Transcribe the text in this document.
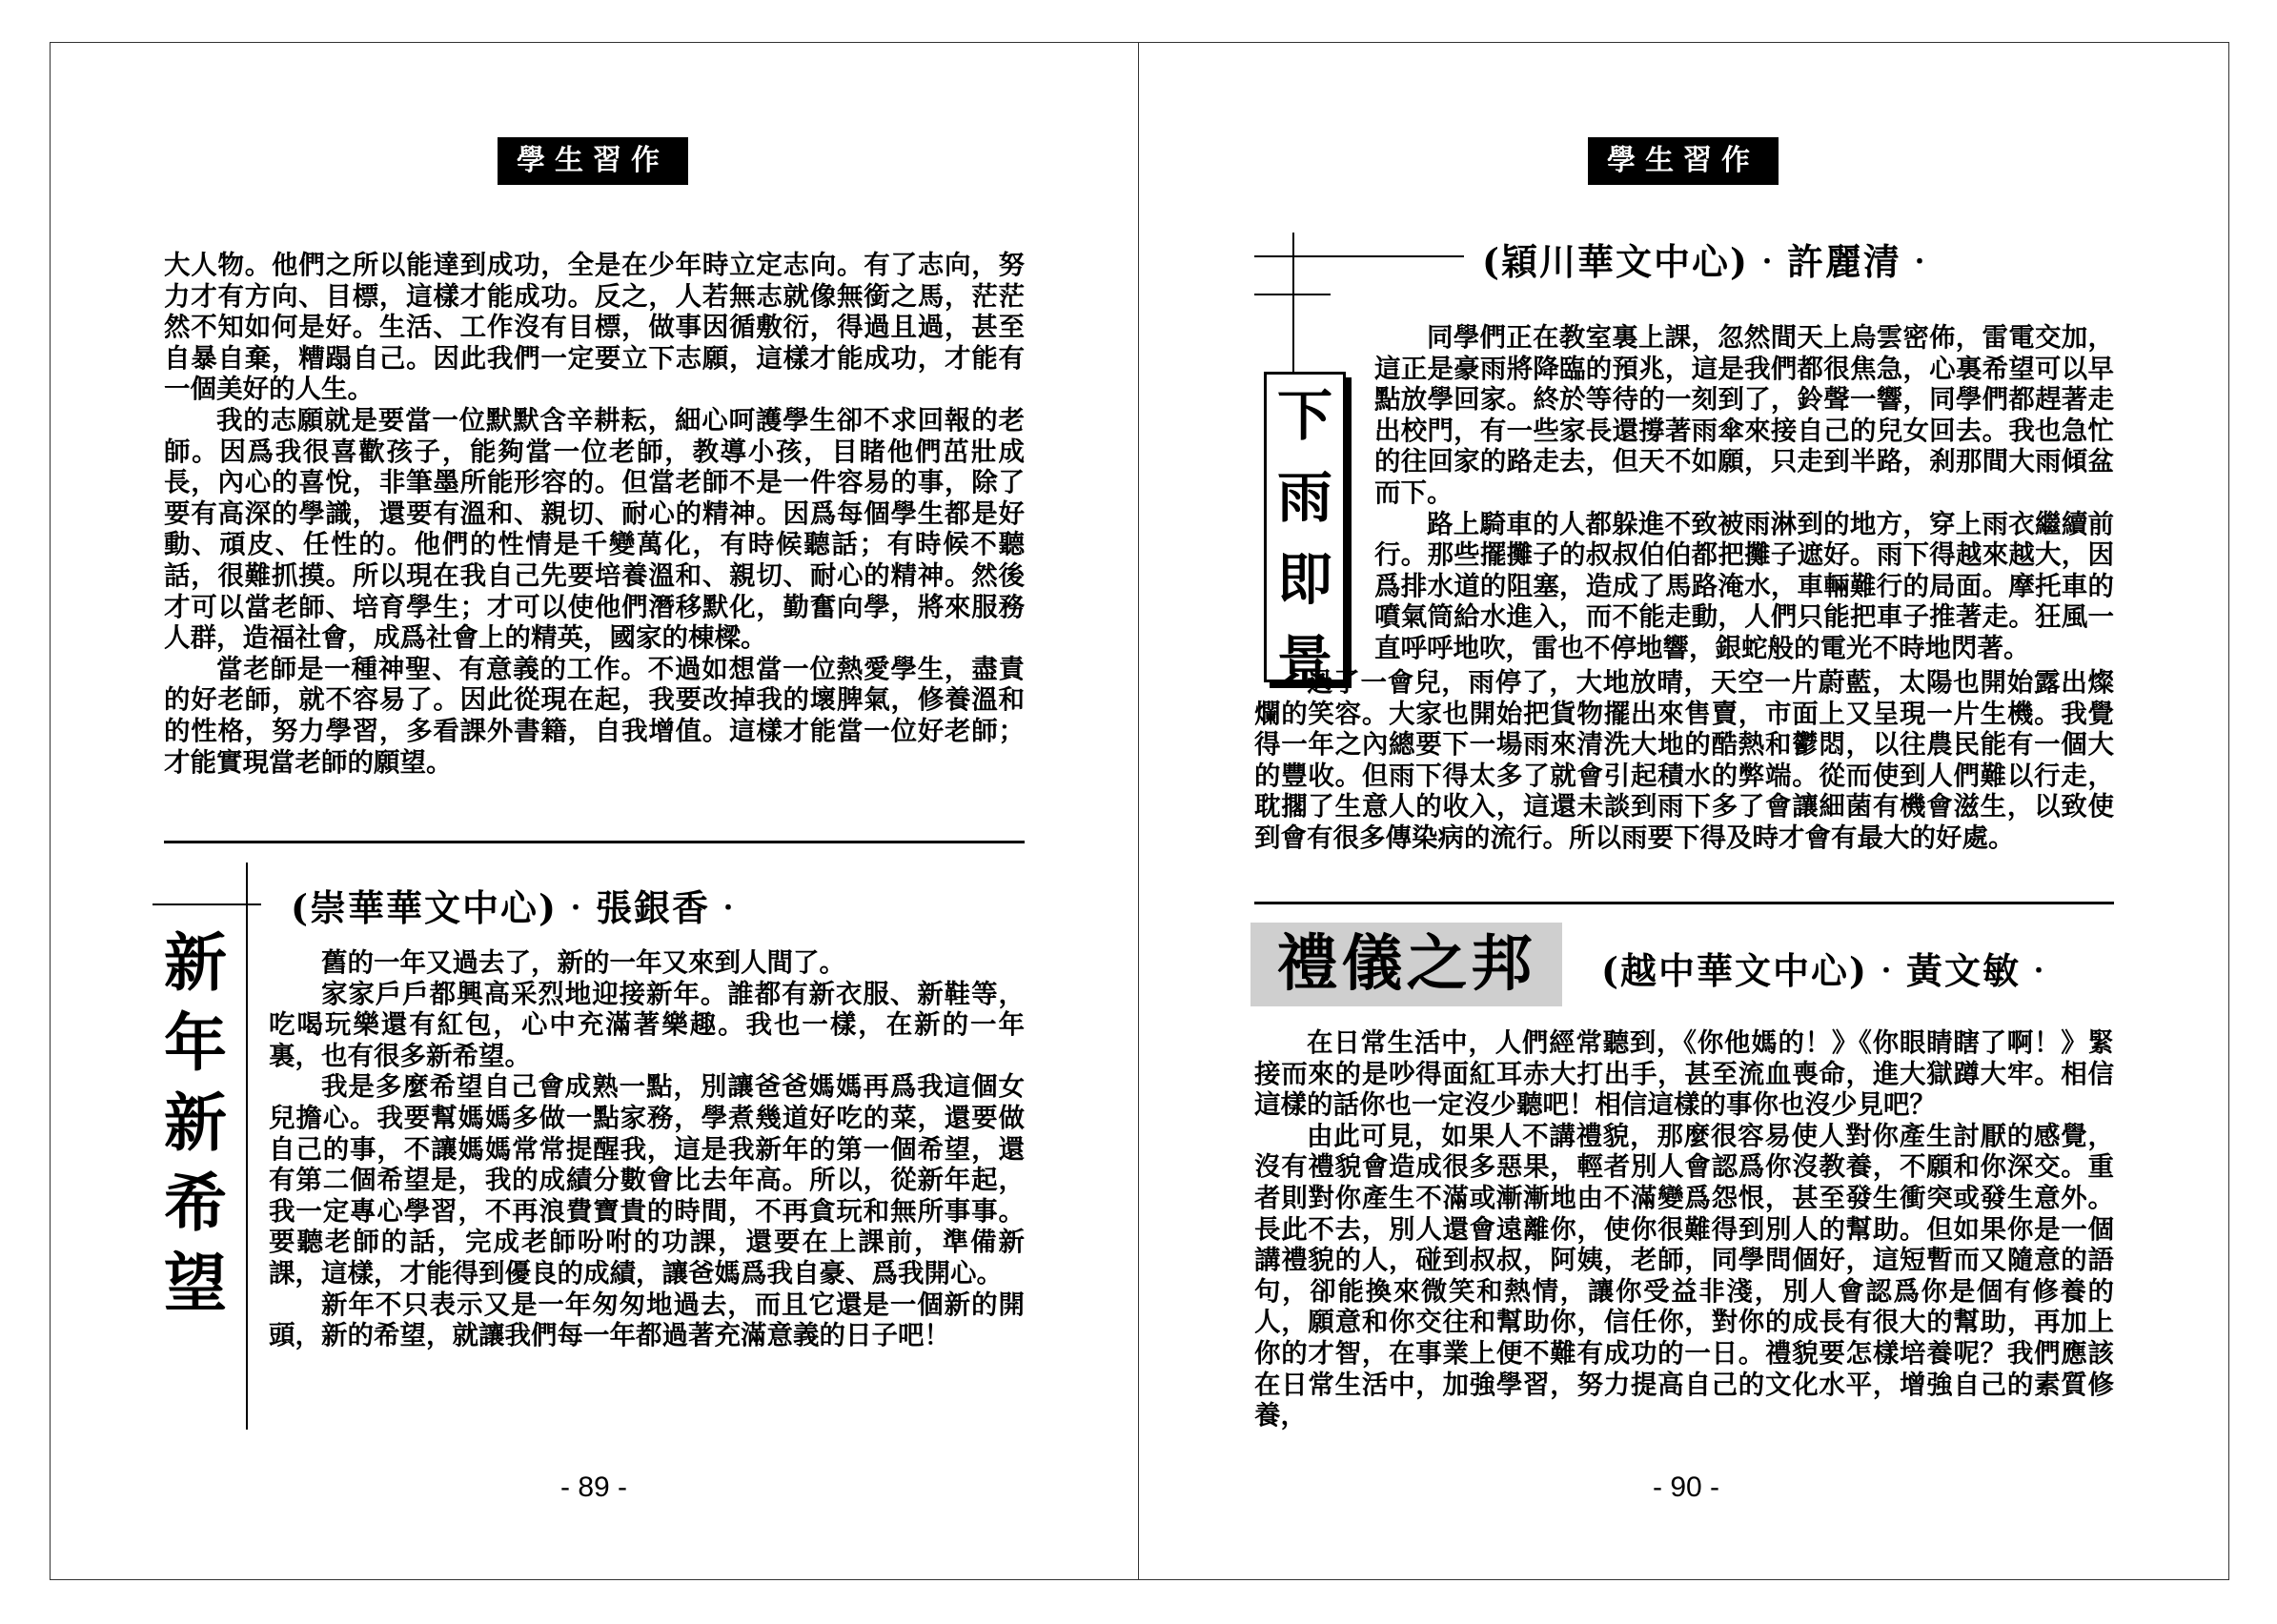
學生習作

大人物。他們之所以能達到成功，全是在少年時立定志向。有了志向，努力才有方向、目標，這樣才能成功。反之，人若無志就像無銜之馬，茫茫然不知如何是好。生活、工作沒有目標，做事因循敷衍，得過且過，甚至自暴自棄，糟蹋自己。因此我們一定要立下志願，這樣才能成功，才能有一個美好的人生。

我的志願就是要當一位默默含辛耕耘，細心呵護學生卻不求回報的老師。因爲我很喜歡孩子，能夠當一位老師，教導小孩，目睹他們茁壯成長，內心的喜悅，非筆墨所能形容的。但當老師不是一件容易的事，除了要有高深的學識，還要有溫和、親切、耐心的精神。因爲每個學生都是好動、頑皮、任性的。他們的性情是千變萬化，有時候聽話；有時候不聽話，很難抓摸。所以現在我自己先要培養溫和、親切、耐心的精神。然後才可以當老師、培育學生；才可以使他們潛移默化，勤奮向學，將來服務人群，造福社會，成爲社會上的精英，國家的棟樑。

當老師是一種神聖、有意義的工作。不過如想當一位熱愛學生，盡責的好老師，就不容易了。因此從現在起，我要改掉我的壞脾氣，修養溫和的性格，努力學習，多看課外書籍，自我增值。這樣才能當一位好老師；才能實現當老師的願望。

新
年
新
希
望
(崇華華文中心)‧張銀香‧

舊的一年又過去了，新的一年又來到人間了。

家家戶戶都興高采烈地迎接新年。誰都有新衣服、新鞋等，吃喝玩樂還有紅包，心中充滿著樂趣。我也一樣，在新的一年裏，也有很多新希望。

我是多麼希望自己會成熟一點，別讓爸爸媽媽再爲我這個女兒擔心。我要幫媽媽多做一點家務，學煮幾道好吃的菜，還要做自己的事，不讓媽媽常常提醒我，這是我新年的第一個希望，還有第二個希望是，我的成績分數會比去年高。所以，從新年起，我一定專心學習，不再浪費寶貴的時間，不再貪玩和無所事事。要聽老師的話，完成老師吩咐的功課，還要在上課前，準備新課，這樣，才能得到優良的成績，讓爸媽爲我自豪、爲我開心。

新年不只表示又是一年匆匆地過去，而且它還是一個新的開頭，新的希望，就讓我們每一年都過著充滿意義的日子吧！

- 89 -
學生習作
(穎川華文中心)‧許麗清‧
下
雨
即
景

同學們正在教室裏上課，忽然間天上烏雲密佈，雷電交加，這正是豪雨將降臨的預兆，這是我們都很焦急，心裏希望可以早點放學回家。終於等待的一刻到了，鈴聲一響，同學們都趕著走出校門，有一些家長還撐著雨傘來接自己的兒女回去。我也急忙的往回家的路走去，但天不如願，只走到半路，刹那間大雨傾盆而下。

路上騎車的人都躲進不致被雨淋到的地方，穿上雨衣繼續前行。那些擺攤子的叔叔伯伯都把攤子遮好。雨下得越來越大，因爲排水道的阻塞，造成了馬路淹水，車輛難行的局面。摩托車的噴氣筒給水進入，而不能走動，人們只能把車子推著走。狂風一直呼呼地吹，雷也不停地響，銀蛇般的電光不時地閃著。

過了一會兒，雨停了，大地放晴，天空一片蔚藍，太陽也開始露出燦爛的笑容。大家也開始把貨物擺出來售賣，市面上又呈現一片生機。我覺得一年之內總要下一場雨來清洗大地的酷熱和鬱悶，以往農民能有一個大的豐收。但雨下得太多了就會引起積水的弊端。從而使到人們難以行走，耽擱了生意人的收入，這還未談到雨下多了會讓細菌有機會滋生，以致使到會有很多傳染病的流行。所以雨要下得及時才會有最大的好處。

禮儀之邦	(越中華文中心)‧黃文敏‧

在日常生活中，人們經常聽到，《你他媽的！》《你眼睛瞎了啊！》緊接而來的是吵得面紅耳赤大打出手，甚至流血喪命，進大獄蹲大牢。相信這樣的話你也一定沒少聽吧！相信這樣的事你也沒少見吧？

由此可見，如果人不講禮貌，那麼很容易使人對你產生討厭的感覺，沒有禮貌會造成很多惡果，輕者別人會認爲你沒教養，不願和你深交。重者則對你產生不滿或漸漸地由不滿變爲怨恨，甚至發生衝突或發生意外。長此不去，別人還會遠離你，使你很難得到別人的幫助。但如果你是一個講禮貌的人，碰到叔叔，阿姨，老師，同學問個好，這短暫而又隨意的語句，卻能換來微笑和熱情，讓你受益非淺，別人會認爲你是個有修養的人，願意和你交往和幫助你，信任你，對你的成長有很大的幫助，再加上你的才智，在事業上便不難有成功的一日。禮貌要怎樣培養呢？我們應該在日常生活中，加強學習，努力提高自己的文化水平，增強自己的素質修養，

- 90 -
